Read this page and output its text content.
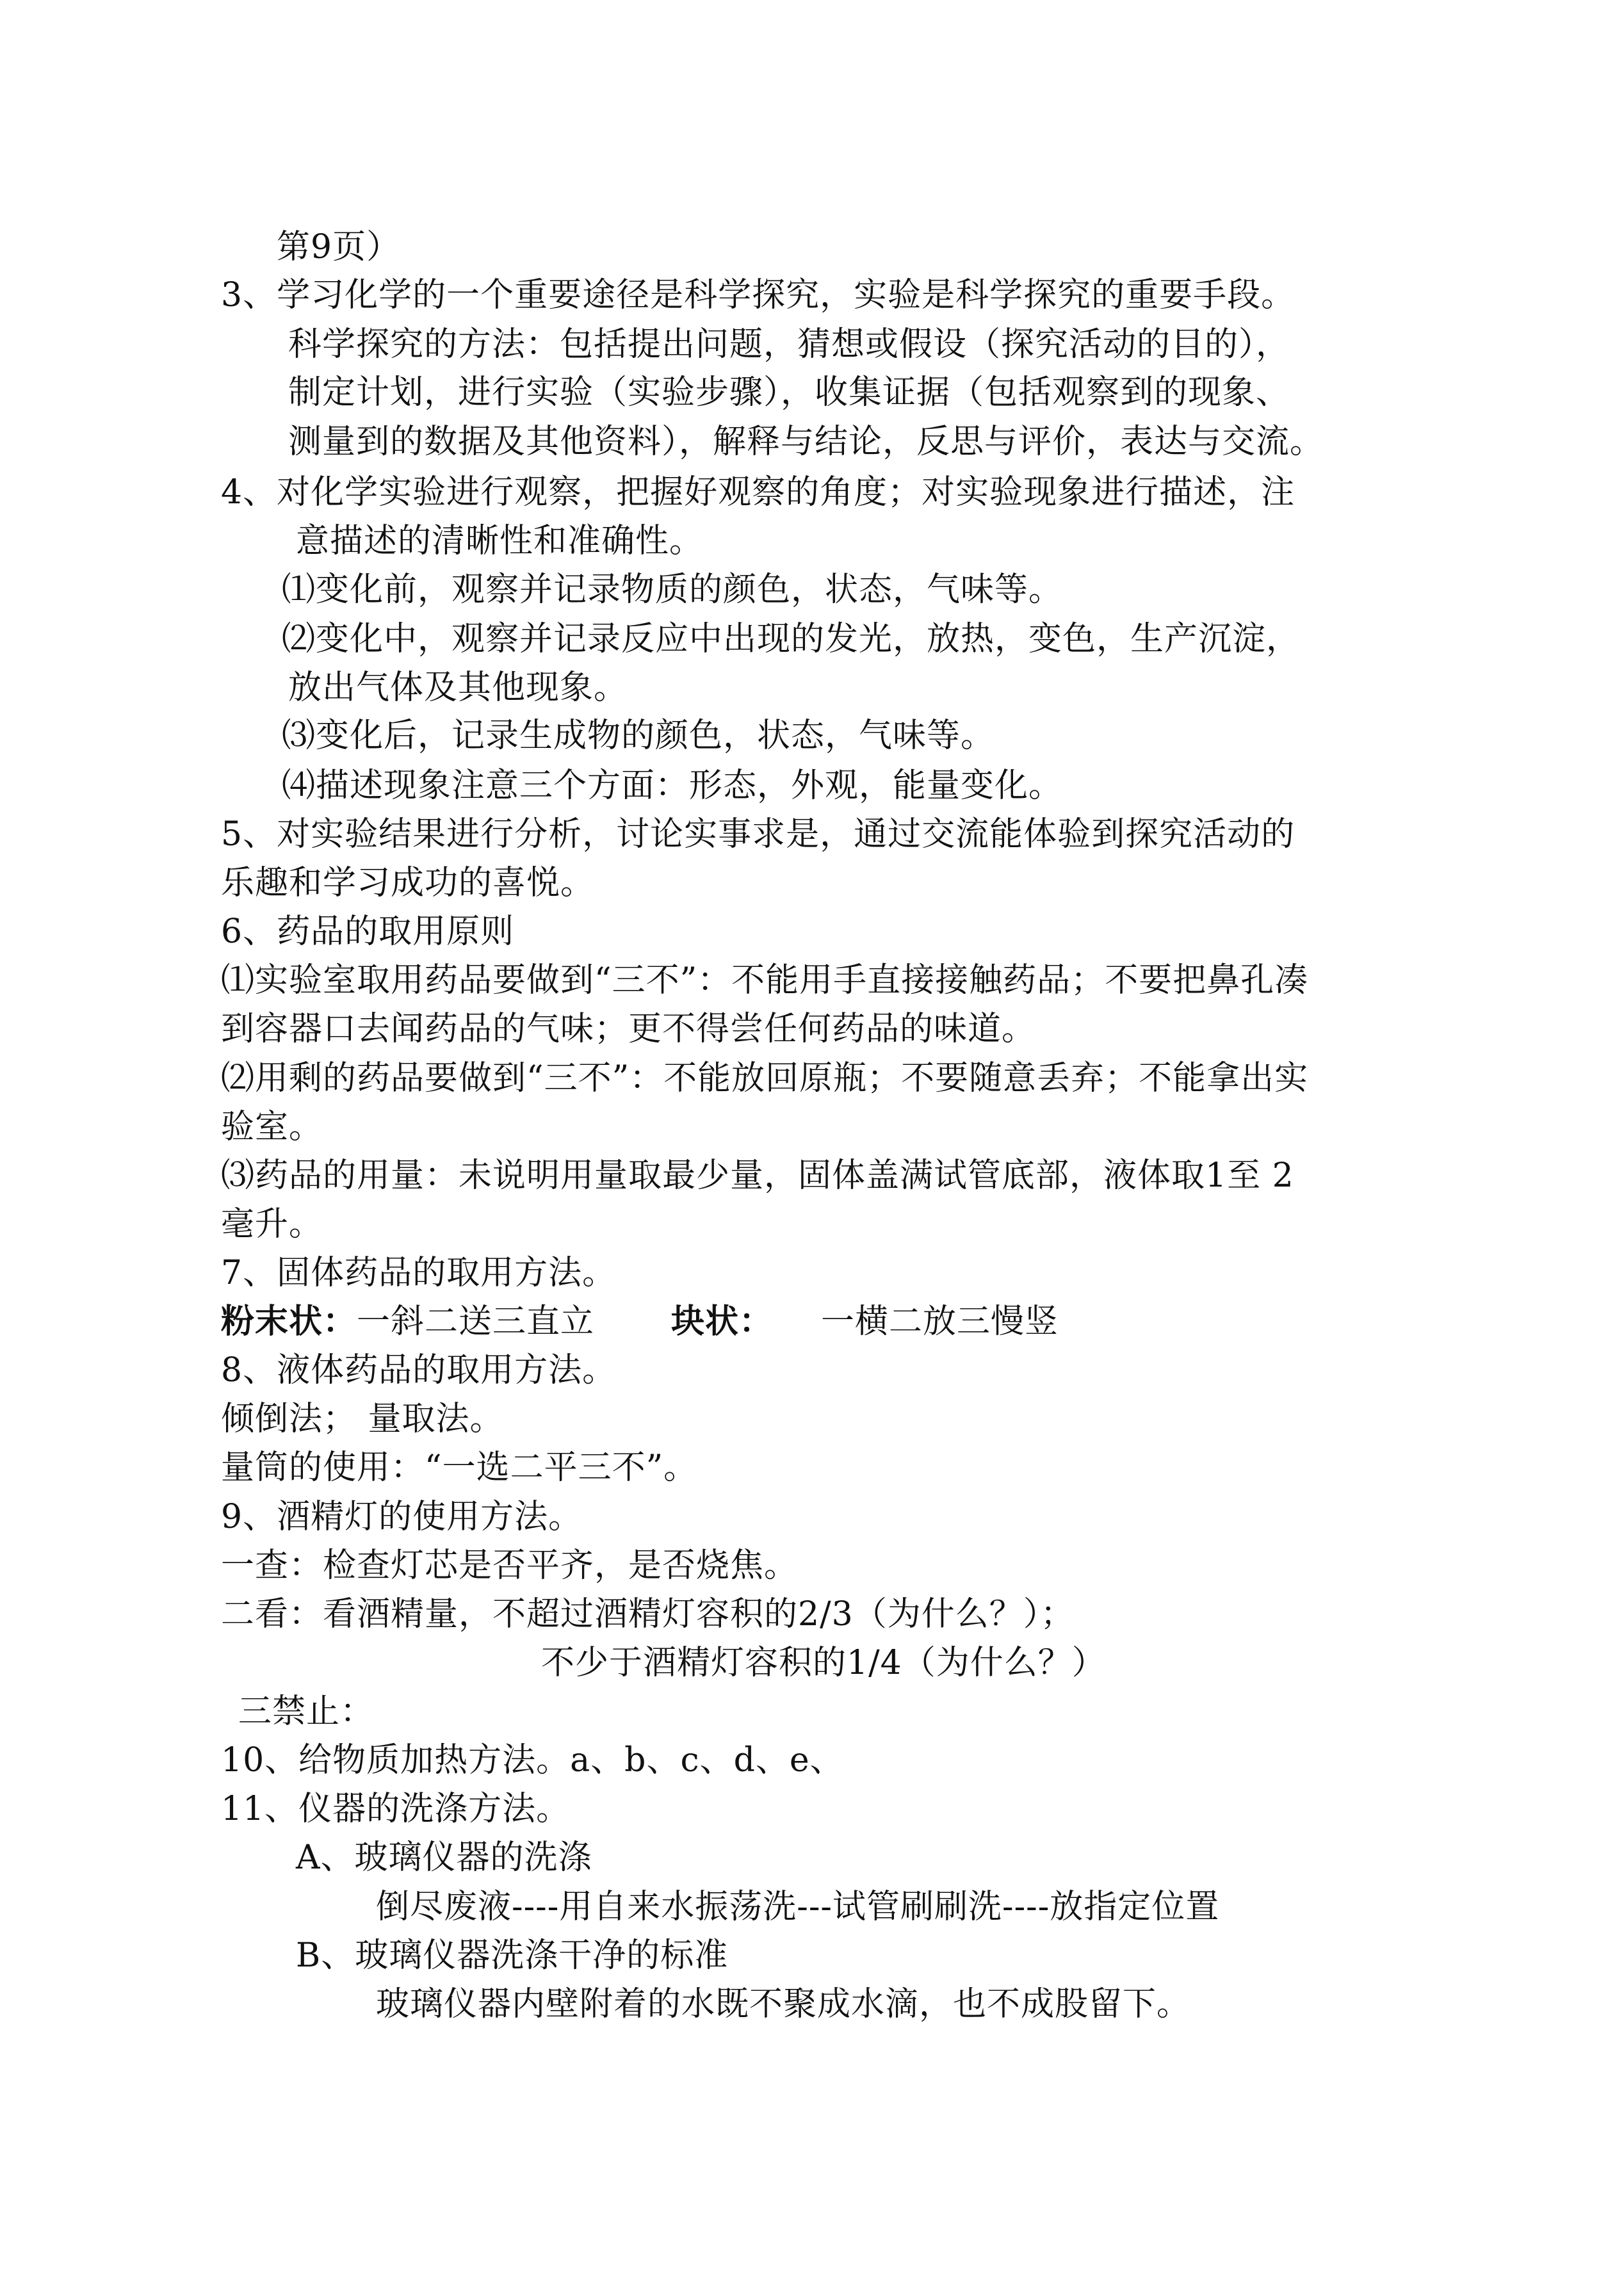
第9页）
3、学习化学的一个重要途径是科学探究，实验是科学探究的重要手段。
科学探究的方法：包括提出问题，猜想或假设（探究活动的目的），
制定计划，进行实验（实验步骤），收集证据（包括观察到的现象、
测量到的数据及其他资料），解释与结论，反思与评价，表达与交流。
4、对化学实验进行观察，把握好观察的角度；对实验现象进行描述，注
意描述的清晰性和准确性。
⑴变化前，观察并记录物质的颜色，状态，气味等。
⑵变化中，观察并记录反应中出现的发光，放热，变色，生产沉淀，
放出气体及其他现象。
⑶变化后，记录生成物的颜色，状态，气味等。
⑷描述现象注意三个方面：形态，外观，能量变化。
5、对实验结果进行分析，讨论实事求是，通过交流能体验到探究活动的
乐趣和学习成功的喜悦。
6、药品的取用原则
⑴实验室取用药品要做到“三不”：不能用手直接接触药品；不要把鼻孔凑
到容器口去闻药品的气味；更不得尝任何药品的味道。
⑵用剩的药品要做到“三不”：不能放回原瓶；不要随意丢弃；不能拿出实
验室。
⑶药品的用量：未说明用量取最少量，固体盖满试管底部，液体取1至 2
毫升。
7、固体药品的取用方法。
粉末状：一斜二送三直立 块状： 一横二放三慢竖
8、液体药品的取用方法。
倾倒法； 量取法。
量筒的使用：“一选二平三不”。
9、酒精灯的使用方法。
一查：检查灯芯是否平齐，是否烧焦。
二看：看酒精量，不超过酒精灯容积的2/3（为什么？）；
不少于酒精灯容积的1/4（为什么？）
三禁止：
10、给物质加热方法。a、b、c、d、e、
11、仪器的洗涤方法。
A、玻璃仪器的洗涤
倒尽废液----用自来水振荡洗---试管刷刷洗----放指定位置
B、玻璃仪器洗涤干净的标准
玻璃仪器内壁附着的水既不聚成水滴，也不成股留下。
